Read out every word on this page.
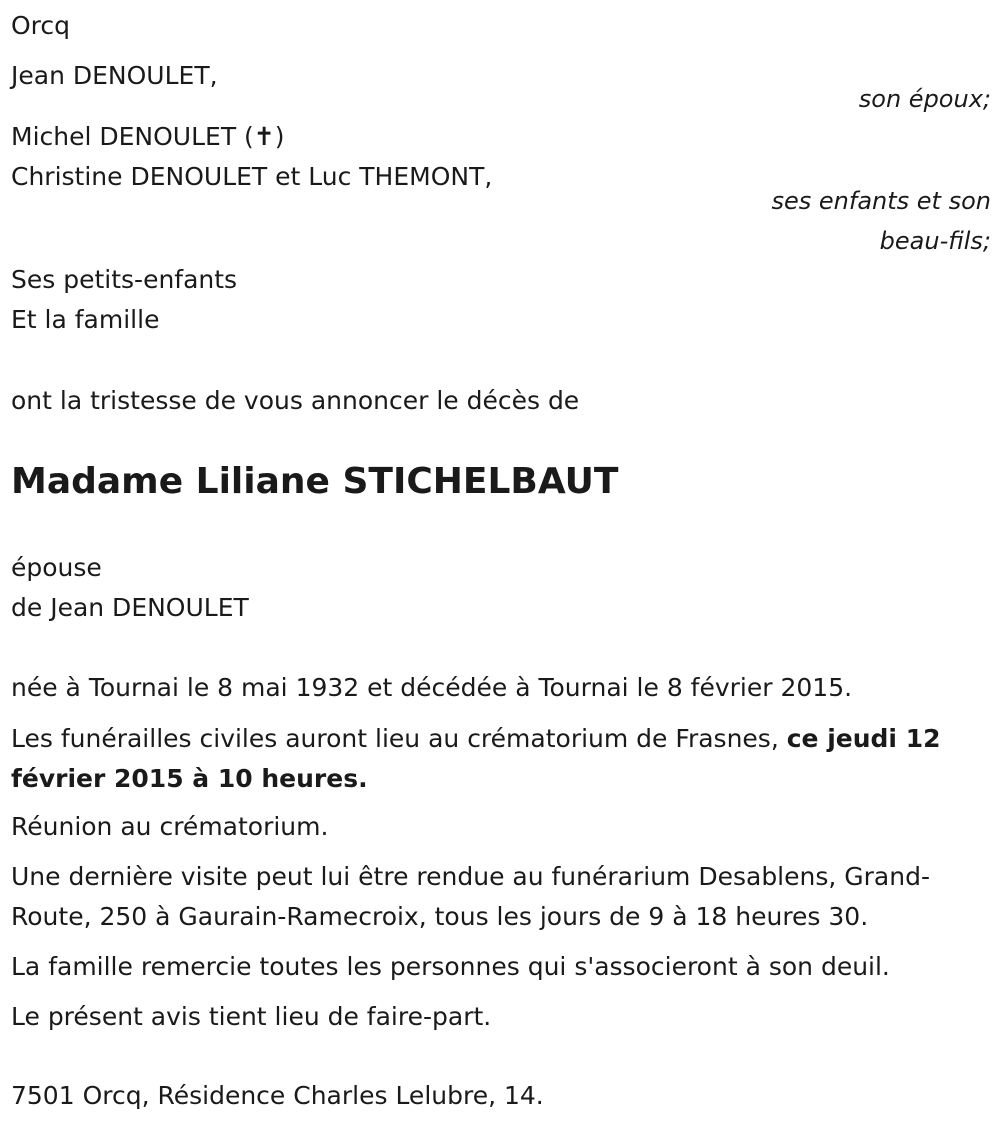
Orcq
Jean DENOULET,
son époux;
Michel DENOULET (✝)
Christine DENOULET et Luc THEMONT,
ses enfants et son
beau-fils;
Ses petits-enfants
Et la famille
ont la tristesse de vous annoncer le décès de
Madame Liliane STICHELBAUT
épouse
de Jean DENOULET
née à Tournai le 8 mai 1932 et décédée à Tournai le 8 février 2015.
Les funérailles civiles auront lieu au crématorium de Frasnes, ce jeudi 12 février 2015 à 10 heures.
Réunion au crématorium.
Une dernière visite peut lui être rendue au funérarium Desablens, Grand-Route, 250 à Gaurain-Ramecroix, tous les jours de 9 à 18 heures 30.
La famille remercie toutes les personnes qui s'associeront à son deuil.
Le présent avis tient lieu de faire-part.
7501 Orcq, Résidence Charles Lelubre, 14.
